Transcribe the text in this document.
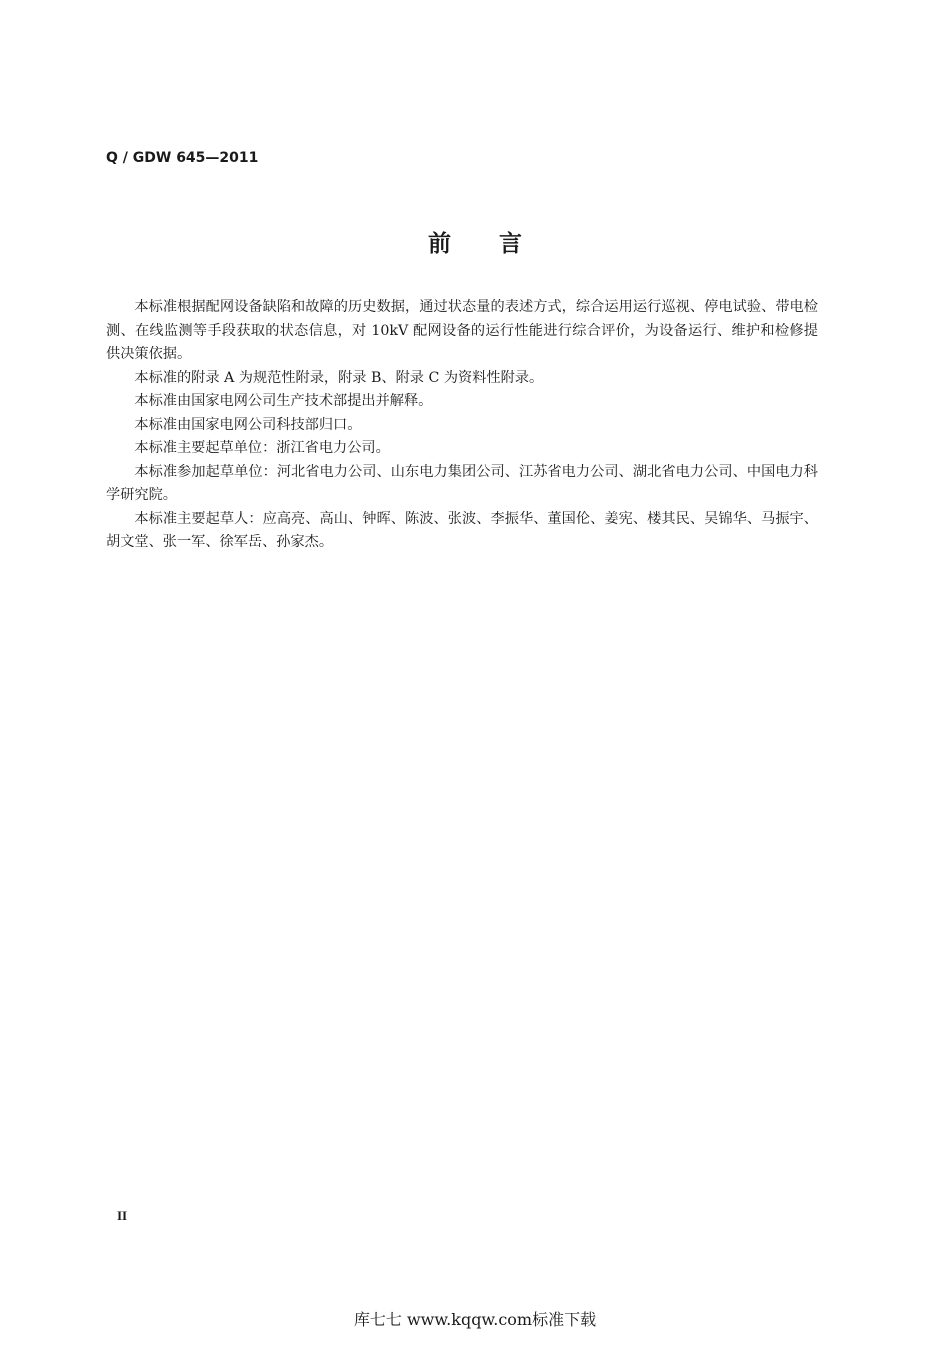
Q / GDW 645—2011
前言

本标准根据配网设备缺陷和故障的历史数据，通过状态量的表述方式，综合运用运行巡视、停电试验、带电检测、在线监测等手段获取的状态信息，对 10kV 配网设备的运行性能进行综合评价，为设备运行、维护和检修提供决策依据。

本标准的附录 A 为规范性附录，附录 B、附录 C 为资料性附录。

本标准由国家电网公司生产技术部提出并解释。

本标准由国家电网公司科技部归口。

本标准主要起草单位：浙江省电力公司。

本标准参加起草单位：河北省电力公司、山东电力集团公司、江苏省电力公司、湖北省电力公司、中国电力科学研究院。

本标准主要起草人：应高亮、高山、钟晖、陈波、张波、李振华、董国伦、姜宪、楼其民、吴锦华、马振宇、胡文堂、张一军、徐军岳、孙家杰。

II
库七七 www.kqqw.com标准下载
